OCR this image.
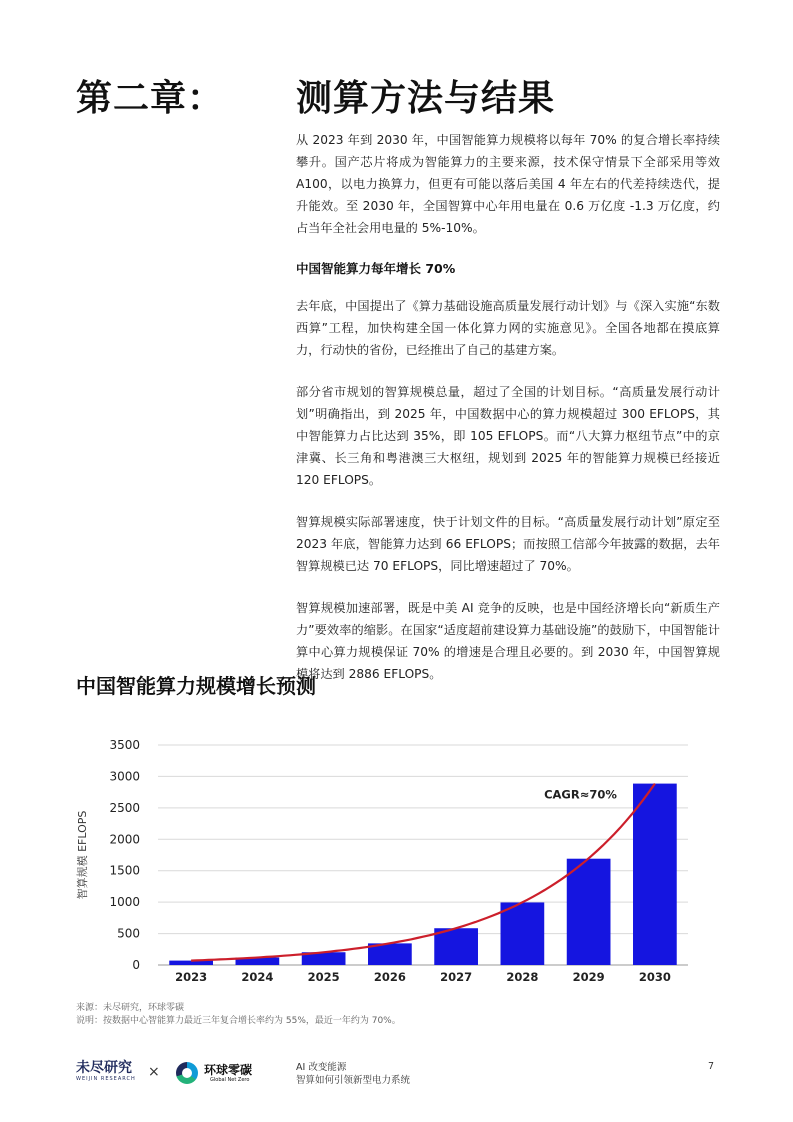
第二章： 测算方法与结果

从 2023 年到 2030 年，中国智能算力规模将以每年 70% 的复合增长率持续攀升。国产芯片将成为智能算力的主要来源，技术保守情景下全部采用等效 A100，以电力换算力，但更有可能以落后美国 4 年左右的代差持续迭代，提升能效。至 2030 年，全国智算中心年用电量在 0.6 万亿度 -1.3 万亿度，约占当年全社会用电量的 5%-10%。

中国智能算力每年增长 70%

去年底，中国提出了《算力基础设施高质量发展行动计划》与《深入实施“东数西算”工程，加快构建全国一体化算力网的实施意见》。全国各地都在摸底算力，行动快的省份，已经推出了自己的基建方案。

部分省市规划的智算规模总量，超过了全国的计划目标。“高质量发展行动计划”明确指出，到 2025 年，中国数据中心的算力规模超过 300 EFLOPS，其中智能算力占比达到 35%，即 105 EFLOPS。而“八大算力枢纽节点”中的京津冀、长三角和粤港澳三大枢纽，规划到 2025 年的智能算力规模已经接近 120 EFLOPS。

智算规模实际部署速度，快于计划文件的目标。“高质量发展行动计划”原定至 2023 年底，智能算力达到 66 EFLOPS；而按照工信部今年披露的数据，去年智算规模已达 70 EFLOPS，同比增速超过了 70%。

智算规模加速部署，既是中美 AI 竞争的反映，也是中国经济增长向“新质生产力”要效率的缩影。在国家“适度超前建设算力基础设施”的鼓励下，中国智能计算中心算力规模保证 70% 的增速是合理且必要的。到 2030 年，中国智算规模将达到 2886 EFLOPS。

中国智能算力规模增长预测
0
500
1000
1500
2000
2500
3000
3500
智算规模 EFLOPS
2023	2024	2025	2026	2027	2028	2029	2030
CAGR≈70%
来源：未尽研究，环球零碳
说明：按数据中心智能算力最近三年复合增长率约为 55%，最近一年约为 70%。
未尽研究
WEIJIN RESEARCH ×	环球零碳
Global Net Zero
AI 改变能源
智算如何引领新型电力系统
7
